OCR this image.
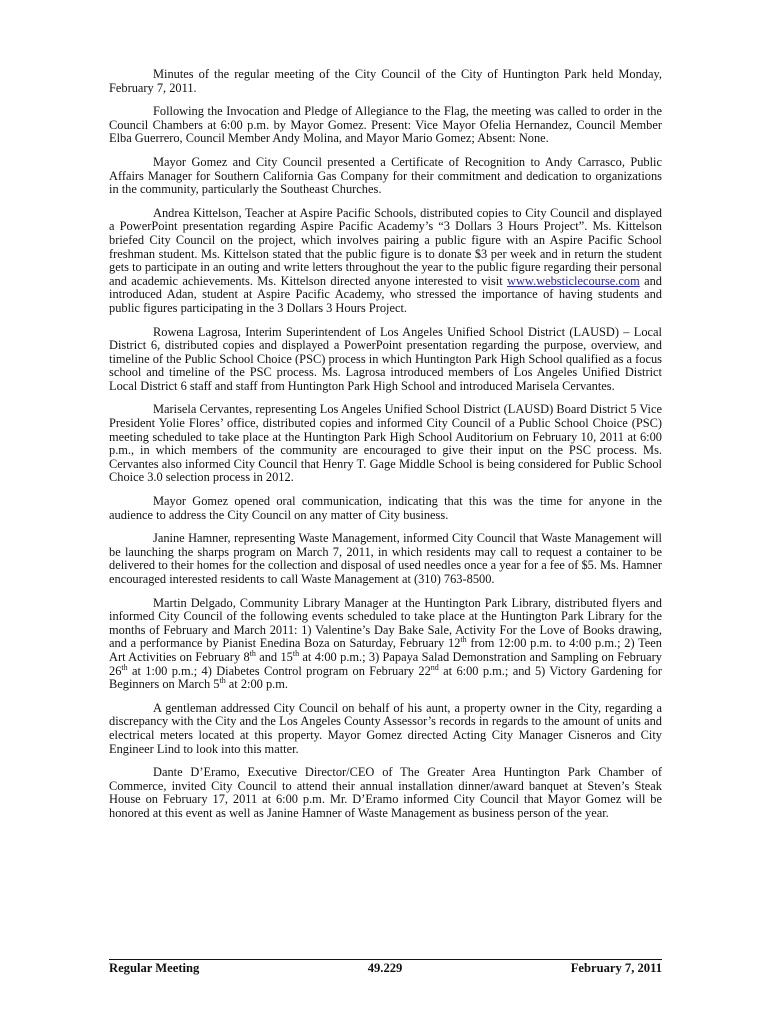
Minutes of the regular meeting of the City Council of the City of Huntington Park held Monday, February 7, 2011.

Following the Invocation and Pledge of Allegiance to the Flag, the meeting was called to order in the Council Chambers at 6:00 p.m. by Mayor Gomez. Present: Vice Mayor Ofelia Hernandez, Council Member Elba Guerrero, Council Member Andy Molina, and Mayor Mario Gomez; Absent: None.

Mayor Gomez and City Council presented a Certificate of Recognition to Andy Carrasco, Public Affairs Manager for Southern California Gas Company for their commitment and dedication to organizations in the community, particularly the Southeast Churches.

Andrea Kittelson, Teacher at Aspire Pacific Schools, distributed copies to City Council and displayed a PowerPoint presentation regarding Aspire Pacific Academy’s “3 Dollars 3 Hours Project”. Ms. Kittelson briefed City Council on the project, which involves pairing a public figure with an Aspire Pacific School freshman student. Ms. Kittelson stated that the public figure is to donate $3 per week and in return the student gets to participate in an outing and write letters throughout the year to the public figure regarding their personal and academic achievements. Ms. Kittelson directed anyone interested to visit www.websticlecourse.com and introduced Adan, student at Aspire Pacific Academy, who stressed the importance of having students and public figures participating in the 3 Dollars 3 Hours Project.

Rowena Lagrosa, Interim Superintendent of Los Angeles Unified School District (LAUSD) – Local District 6, distributed copies and displayed a PowerPoint presentation regarding the purpose, overview, and timeline of the Public School Choice (PSC) process in which Huntington Park High School qualified as a focus school and timeline of the PSC process. Ms. Lagrosa introduced members of Los Angeles Unified District Local District 6 staff and staff from Huntington Park High School and introduced Marisela Cervantes.

Marisela Cervantes, representing Los Angeles Unified School District (LAUSD) Board District 5 Vice President Yolie Flores’ office, distributed copies and informed City Council of a Public School Choice (PSC) meeting scheduled to take place at the Huntington Park High School Auditorium on February 10, 2011 at 6:00 p.m., in which members of the community are encouraged to give their input on the PSC process. Ms. Cervantes also informed City Council that Henry T. Gage Middle School is being considered for Public School Choice 3.0 selection process in 2012.

Mayor Gomez opened oral communication, indicating that this was the time for anyone in the audience to address the City Council on any matter of City business.

Janine Hamner, representing Waste Management, informed City Council that Waste Management will be launching the sharps program on March 7, 2011, in which residents may call to request a container to be delivered to their homes for the collection and disposal of used needles once a year for a fee of $5. Ms. Hamner encouraged interested residents to call Waste Management at (310) 763-8500.

Martin Delgado, Community Library Manager at the Huntington Park Library, distributed flyers and informed City Council of the following events scheduled to take place at the Huntington Park Library for the months of February and March 2011: 1) Valentine’s Day Bake Sale, Activity For the Love of Books drawing, and a performance by Pianist Enedina Boza on Saturday, February 12th from 12:00 p.m. to 4:00 p.m.; 2) Teen Art Activities on February 8th and 15th at 4:00 p.m.; 3) Papaya Salad Demonstration and Sampling on February 26th at 1:00 p.m.; 4) Diabetes Control program on February 22nd at 6:00 p.m.; and 5) Victory Gardening for Beginners on March 5th at 2:00 p.m.

A gentleman addressed City Council on behalf of his aunt, a property owner in the City, regarding a discrepancy with the City and the Los Angeles County Assessor’s records in regards to the amount of units and electrical meters located at this property. Mayor Gomez directed Acting City Manager Cisneros and City Engineer Lind to look into this matter.

Dante D’Eramo, Executive Director/CEO of The Greater Area Huntington Park Chamber of Commerce, invited City Council to attend their annual installation dinner/award banquet at Steven’s Steak House on February 17, 2011 at 6:00 p.m. Mr. D’Eramo informed City Council that Mayor Gomez will be honored at this event as well as Janine Hamner of Waste Management as business person of the year.

Regular Meeting	49.229	February 7, 2011
